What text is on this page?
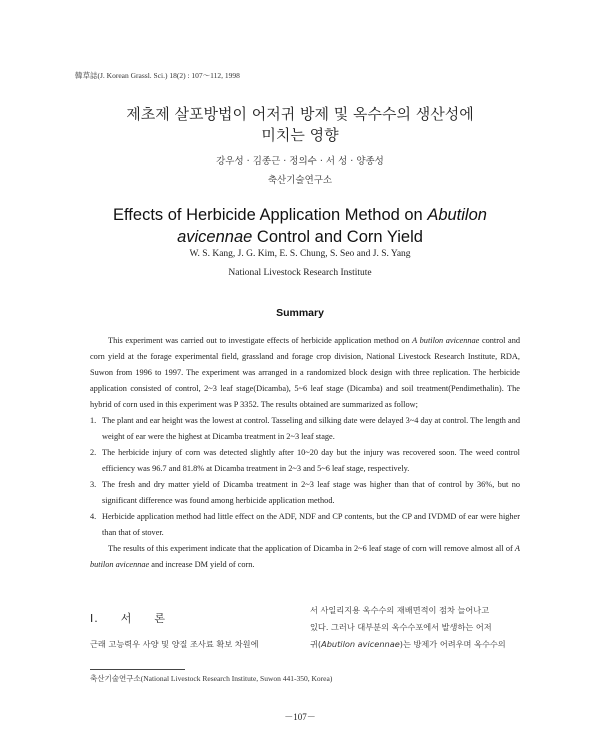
韓草誌(J. Korean Grassl. Sci.) 18(2) : 107～112, 1998
제초제 살포방법이 어저귀 방제 및 옥수수의 생산성에
미치는 영향
강우성 · 김종근 · 정의수 · 서 성 · 양종성
축산기술연구소
Effects of Herbicide Application Method on Abutilon
avicennae Control and Corn Yield
W. S. Kang, J. G. Kim, E. S. Chung, S. Seo and J. S. Yang
National Livestock Research Institute
Summary

This experiment was carried out to investigate effects of herbicide application method on A butilon avicennae control and corn yield at the forage experimental field, grassland and forage crop division, National Livestock Research Institute, RDA, Suwon from 1996 to 1997. The experiment was arranged in a randomized block design with three replication. The herbicide application consisted of control, 2~3 leaf stage(Dicamba), 5~6 leaf stage (Dicamba) and soil treatment(Pendimethalin). The hybrid of corn used in this experiment was P 3352. The results obtained are summarized as follow;

1. The plant and ear height was the lowest at control. Tasseling and silking date were delayed 3~4 day at control. The length and weight of ear were the highest at Dicamba treatment in 2~3 leaf stage.
2. The herbicide injury of corn was detected slightly after 10~20 day but the injury was recovered soon. The weed control efficiency was 96.7 and 81.8% at Dicamba treatment in 2~3 and 5~6 leaf stage, respectively.
3. The fresh and dry matter yield of Dicamba treatment in 2~3 leaf stage was higher than that of control by 36%, but no significant difference was found among herbicide application method.
4. Herbicide application method had little effect on the ADF, NDF and CP contents, but the CP and IVDMD of ear were higher than that of stover.

The results of this experiment indicate that the application of Dicamba in 2~6 leaf stage of corn will remove almost all of A butilon avicennae and increase DM yield of corn.

I. 서 론
근래 고능력우 사양 및 양질 조사료 확보 차원에

서 사일리지용 옥수수의 재배면적이 점차 늘어나고

있다. 그러나 대부분의 옥수수포에서 발생하는 어저

귀(Abutilon avicennae)는 방제가 어려우며 옥수수의

축산기술연구소(National Livestock Research Institute, Suwon 441-350, Korea)
－107－
